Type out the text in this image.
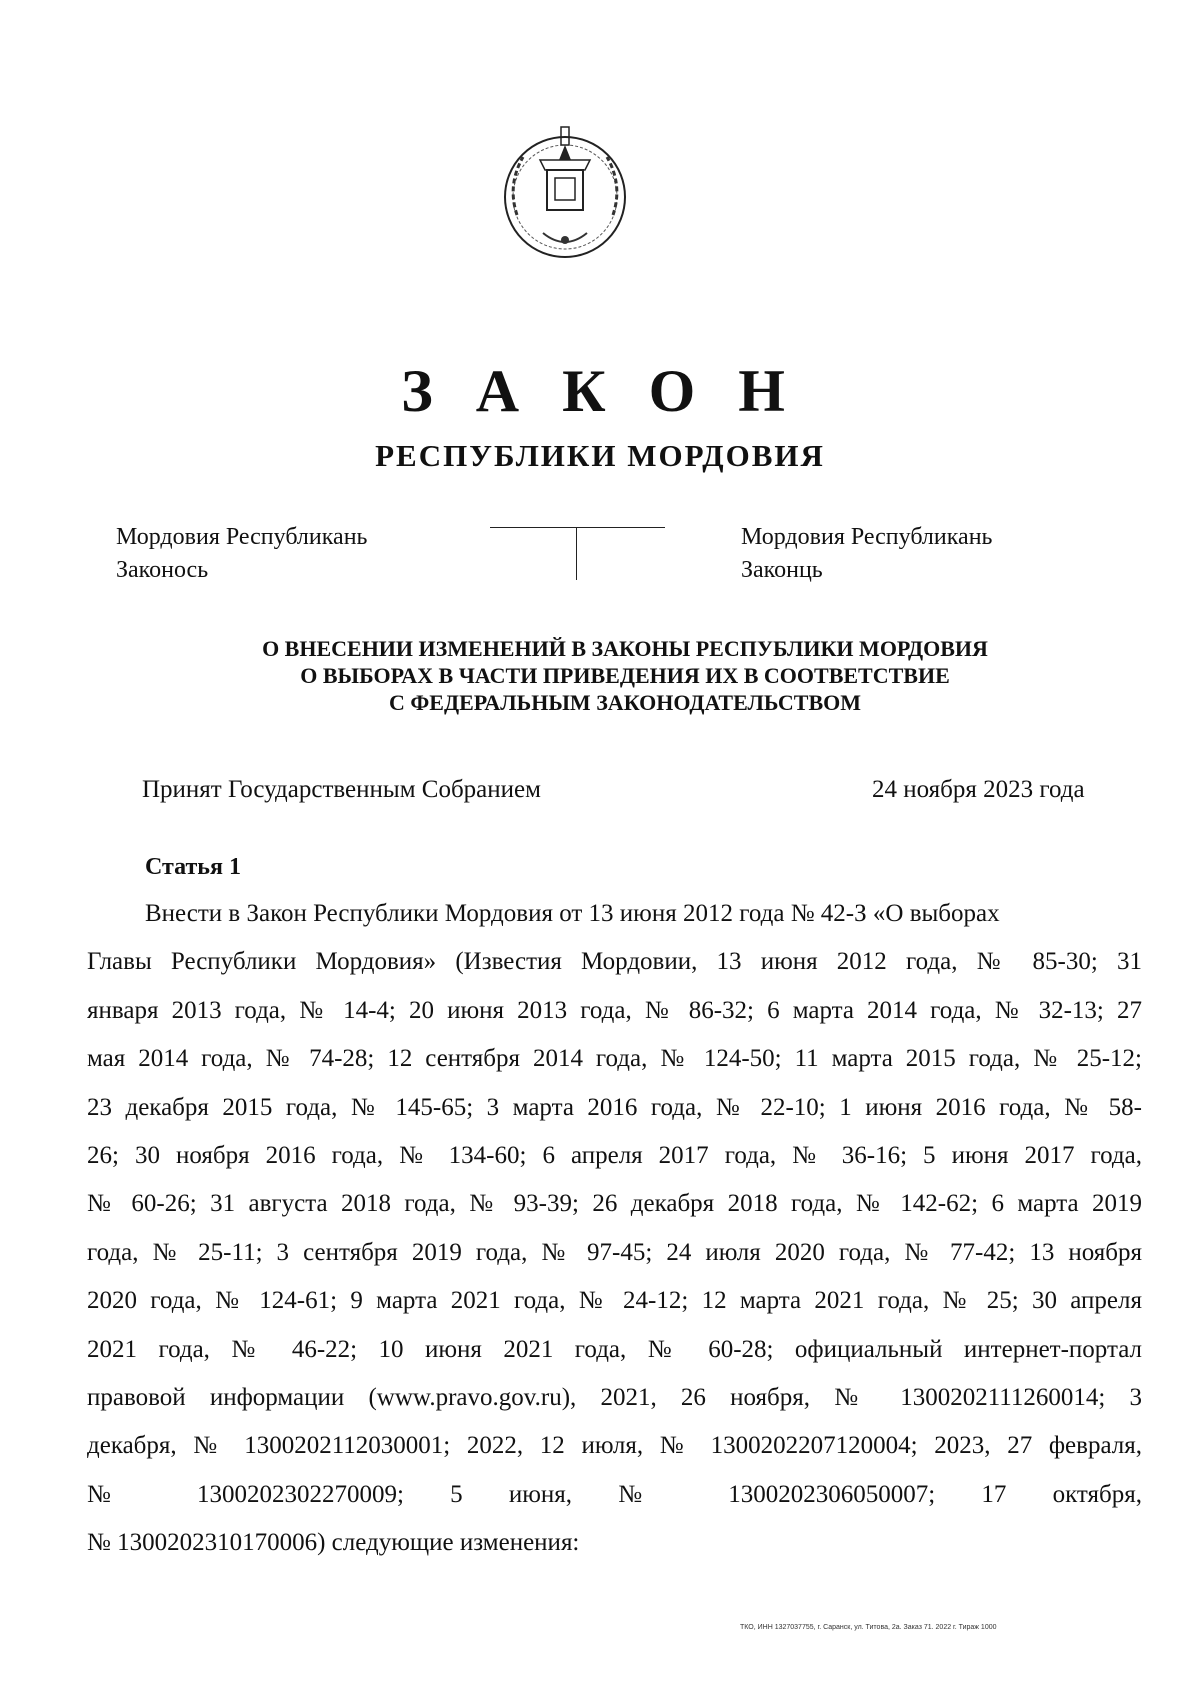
З А К О Н
РЕСПУБЛИКИ МОРДОВИЯ
Мордовия Республикань
Законось
Мордовия Республикань
Законць
О ВНЕСЕНИИ ИЗМЕНЕНИЙ В ЗАКОНЫ РЕСПУБЛИКИ МОРДОВИЯ
О ВЫБОРАХ В ЧАСТИ ПРИВЕДЕНИЯ ИХ В СООТВЕТСТВИЕ
С ФЕДЕРАЛЬНЫМ ЗАКОНОДАТЕЛЬСТВОМ
Принят Государственным Собранием	24 ноября 2023 года
Статья 1
Внести в Закон Республики Мордовия от 13 июня 2012 года № 42-З «О выборах
Главы Республики Мордовия» (Известия Мордовии, 13 июня 2012 года, № 85-30; 31
января 2013 года, № 14-4; 20 июня 2013 года, № 86-32; 6 марта 2014 года, № 32-13; 27
мая 2014 года, № 74-28; 12 сентября 2014 года, № 124-50; 11 марта 2015 года, № 25-12;
23 декабря 2015 года, № 145-65; 3 марта 2016 года, № 22-10; 1 июня 2016 года, № 58-
26; 30 ноября 2016 года, № 134-60; 6 апреля 2017 года, № 36-16; 5 июня 2017 года,
№ 60-26; 31 августа 2018 года, № 93-39; 26 декабря 2018 года, № 142-62; 6 марта 2019
года, № 25-11; 3 сентября 2019 года, № 97-45; 24 июля 2020 года, № 77-42; 13 ноября
2020 года, № 124-61; 9 марта 2021 года, № 24-12; 12 марта 2021 года, № 25; 30 апреля
2021 года, № 46-22; 10 июня 2021 года, № 60-28; официальный интернет-портал
правовой информации (www.pravo.gov.ru), 2021, 26 ноября, № 1300202111260014; 3
декабря, № 1300202112030001; 2022, 12 июля, № 1300202207120004; 2023, 27 февраля,
№ 1300202302270009; 5 июня, № 1300202306050007; 17 октября,
№ 1300202310170006) следующие изменения:
ТКО, ИНН 1327037755, г. Саранск, ул. Титова, 2а. Заказ 71. 2022 г. Тираж 1000
